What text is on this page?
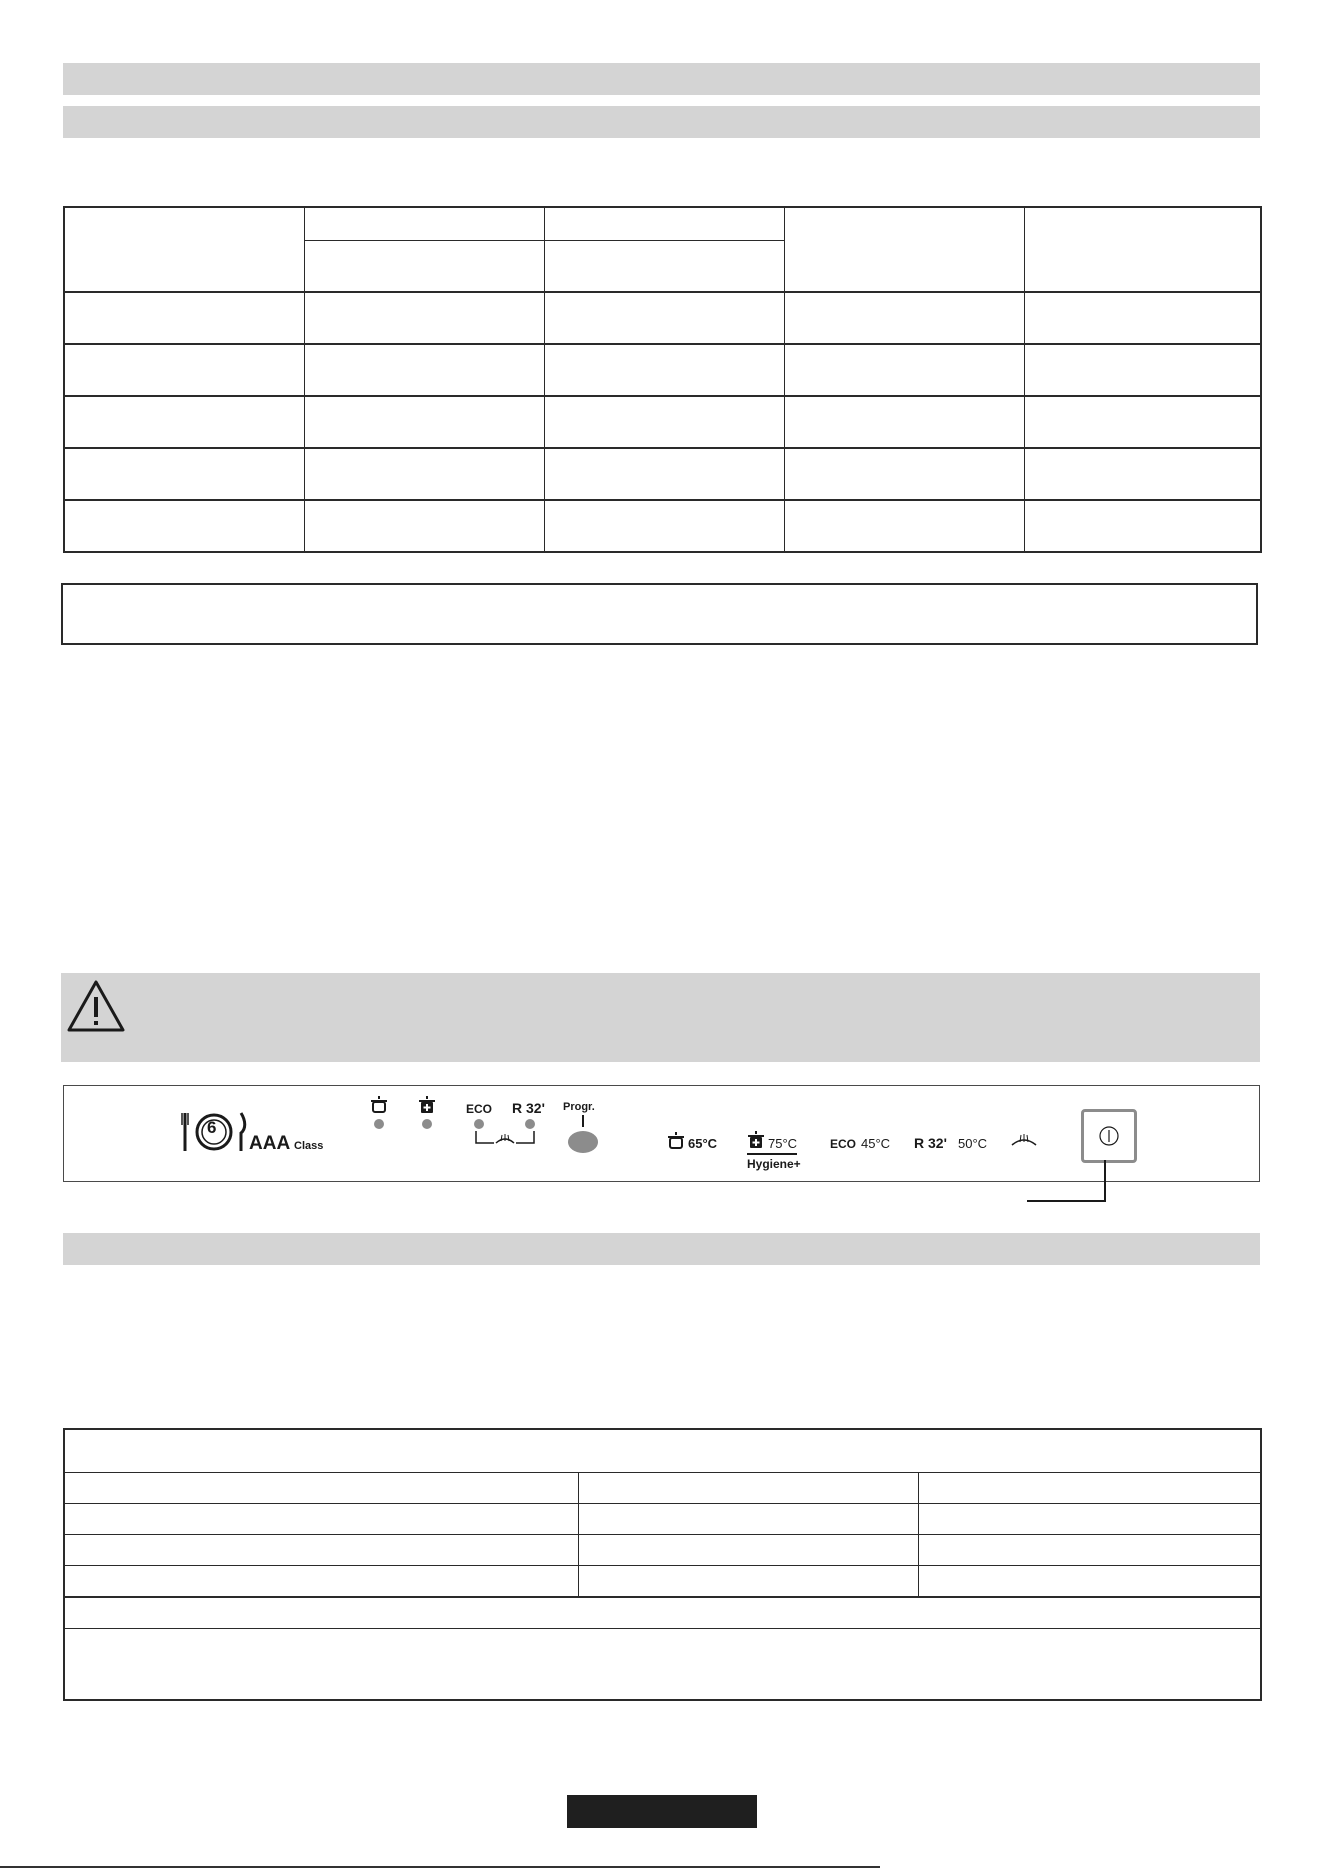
6
AAA Class
ECO R 32' Progr.
65°C	75°C
Hygiene+
ECO 45°C R 32' 50°C
